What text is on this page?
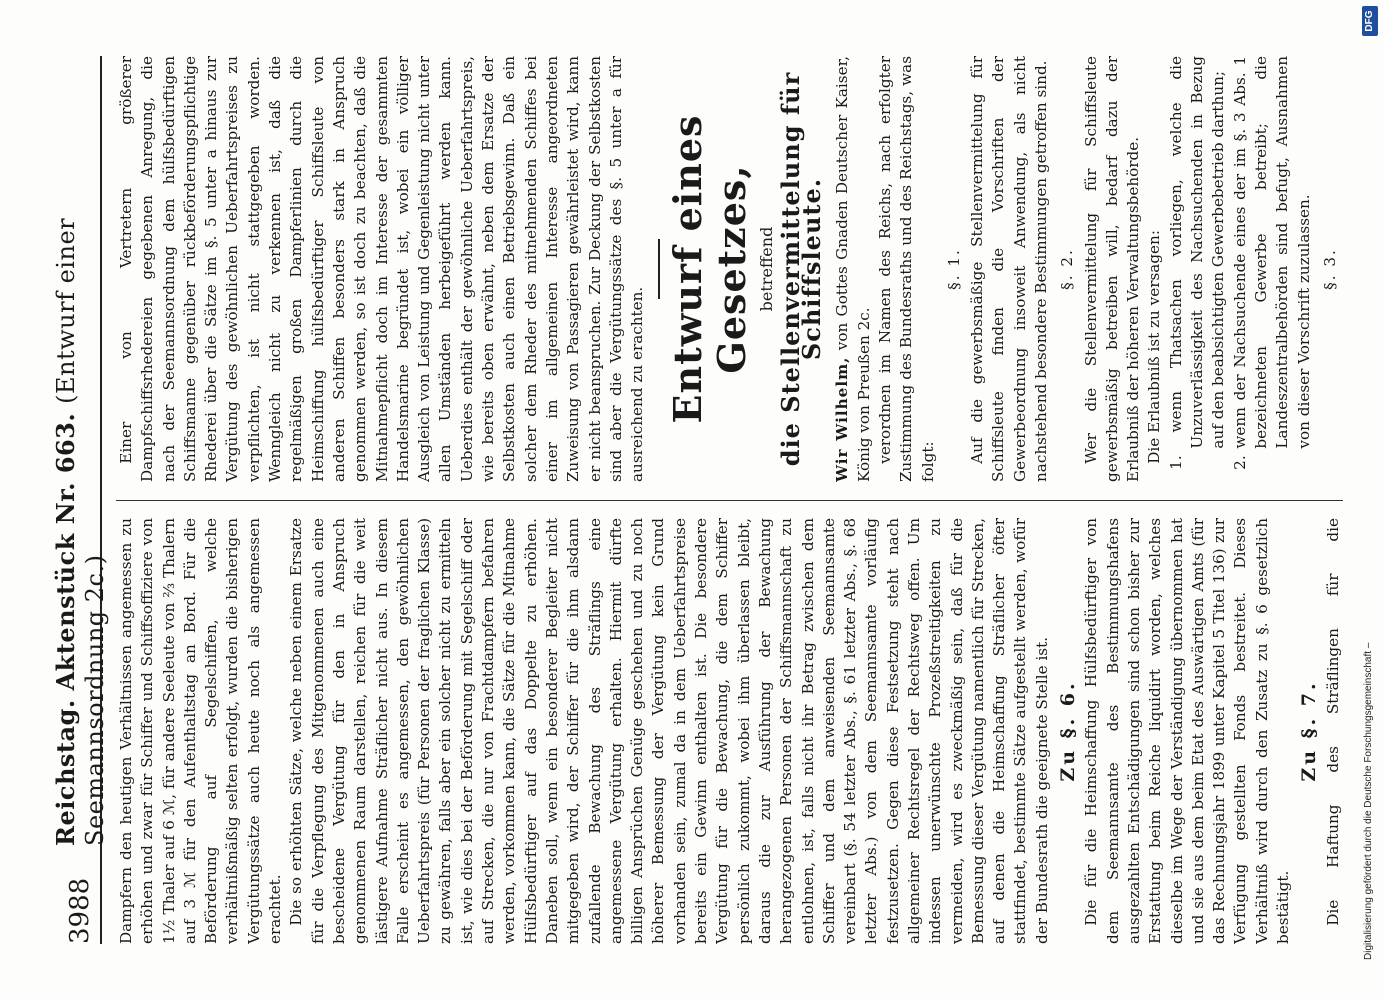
3988
Reichstag. Aktenstück Nr. 663. (Entwurf einer Seemannsordnung 2c.) Dampfern den heutigen Verhältnissen angemessen zu erhöhen und zwar für Schiffer und Schiffsoffiziere von 1½ Thaler auf 6 ℳ, für andere Seeleute von ⅔ Thalern auf 3 ℳ für den Aufenthaltstag an Bord. Für die Beförderung auf Segelschiffen, welche verhältnißmäßig selten erfolgt, wurden die bisherigen Vergütungssätze auch heute noch als angemessen erachtet. Die so erhöhten Sätze, welche neben einem Ersatze für die Verpflegung des Mitgenommenen auch eine bescheidene Vergütung für den in Anspruch genommenen Raum darstellen, reichen für die weit lästigere Aufnahme Sträflicher nicht aus. In diesem Falle erscheint es angemessen, den gewöhnlichen Ueberfahrtspreis (für Personen der fraglichen Klasse) zu gewähren, falls aber ein solcher nicht zu ermitteln ist, wie dies bei der Beförderung mit Segelschiff oder auf Strecken, die nur von Frachtdampfern befahren werden, vorkommen kann, die Sätze für die Mitnahme Hülfsbedürftiger auf das Doppelte zu erhöhen. Daneben soll, wenn ein besonderer Begleiter nicht mitgegeben wird, der Schiffer für die ihm alsdann zufallende Bewachung des Sträflings eine angemessene Vergütung erhalten. Hiermit dürfte billigen Ansprüchen Genüge geschehen und zu noch höherer Bemessung der Vergütung kein Grund vorhanden sein, zumal da in dem Ueberfahrtspreise bereits ein Gewinn enthalten ist. Die besondere Vergütung für die Bewachung, die dem Schiffer persönlich zukommt, wobei ihm überlassen bleibt, daraus die zur Ausführung der Bewachung herangezogenen Personen der Schiffsmannschaft zu entlohnen, ist, falls nicht ihr Betrag zwischen dem Schiffer und dem anweisenden Seemannsamte vereinbart (§. 54 letzter Abs., §. 61 letzter Abs., §. 68 letzter Abs.) von dem Seemannsamte vorläufig festzusetzen. Gegen diese Festsetzung steht nach allgemeiner Rechtsregel der Rechtsweg offen. Um indessen unerwünschte Prozeßstreitigkeiten zu vermeiden, wird es zweckmäßig sein, daß für die Bemessung dieser Vergütung namentlich für Strecken, auf denen die Heimschaffung Sträflicher öfter stattfindet, bestimmte Sätze aufgestellt werden, wofür der Bundesrath die geeignete Stelle ist. Zu §. 6. Die für die Heimschaffung Hülfsbedürftiger von dem Seemannsamte des Bestimmungshafens ausgezahlten Entschädigungen sind schon bisher zur Erstattung beim Reiche liquidirt worden, welches dieselbe im Wege der Verständigung übernommen hat und sie aus dem beim Etat des Auswärtigen Amts (für das Rechnungsjahr 1899 unter Kapitel 5 Titel 136) zur Verfügung gestellten Fonds bestreitet. Dieses Verhältniß wird durch den Zusatz zu §. 6 gesetzlich bestätigt.

Zu §. 7.

Die Haftung des Sträflingen für die

Einer von Vertretern größerer Dampfschiffsrhedereien gegebenen Anregung, die nach der Seemannsordnung dem hülfsbedürftigen Schiffsmanne gegenüber rückbeförderungspflichtige Rhederei über die Sätze im §. 5 unter a hinaus zur Vergütung des gewöhnlichen Ueberfahrtspreises zu verpflichten, ist nicht stattgegeben worden. Wenngleich nicht zu verkennen ist, daß die regelmäßigen großen Dampferlinien durch die Heimschiffung hülfsbedürftiger Schiffsleute von anderen Schiffen besonders stark in Anspruch genommen werden, so ist doch zu beachten, daß die Mitnahmepflicht doch im Interesse der gesammten Handelsmarine begründet ist, wobei ein völliger Ausgleich von Leistung und Gegenleistung nicht unter allen Umständen herbeigeführt werden kann. Ueberdies enthält der gewöhnliche Ueberfahrtspreis, wie bereits oben erwähnt, neben dem Ersatze der Selbstkosten auch einen Betriebsgewinn. Daß ein solcher dem Rheder des mitnehmenden Schiffes bei einer im allgemeinen Interesse angeordneten Zuweisung von Passagieren gewährleistet wird, kann er nicht beanspruchen. Zur Deckung der Selbstkosten sind aber die Vergütungssätze des §. 5 unter a für ausreichend zu erachten. Entwurf eines Gesetzes, betreffend die Stellenvermittelung für Schiffsleute.

Wir Wilhelm, von Gottes Gnaden Deutscher Kaiser, König von Preußen 2c. verordnen im Namen des Reichs, nach erfolgter Zustimmung des Bundesraths und des Reichstags, was folgt:

§. 1. Auf die gewerbsmäßige Stellenvermittelung für Schiffsleute finden die Vorschriften der Gewerbeordnung insoweit Anwendung, als nicht nachstehend besondere Bestimmungen getroffen sind. §. 2. Wer die Stellenvermittelung für Schiffsleute gewerbsmäßig betreiben will, bedarf dazu der Erlaubniß der höheren Verwaltungsbehörde. Die Erlaubniß ist zu versagen: 1. wenn Thatsachen vorliegen, welche die Unzuverlässigkeit des Nachsuchenden in Bezug auf den beabsichtigten Gewerbebetrieb darthun; 2. wenn der Nachsuchende eines der im §. 3 Abs. 1 bezeichneten Gewerbe betreibt; die Landeszentralbehörden sind befugt, Ausnahmen von dieser Vorschrift zuzulassen. §. 3.

DFG
Digitalisierung gefördert durch die Deutsche Forschungsgemeinschaft –
